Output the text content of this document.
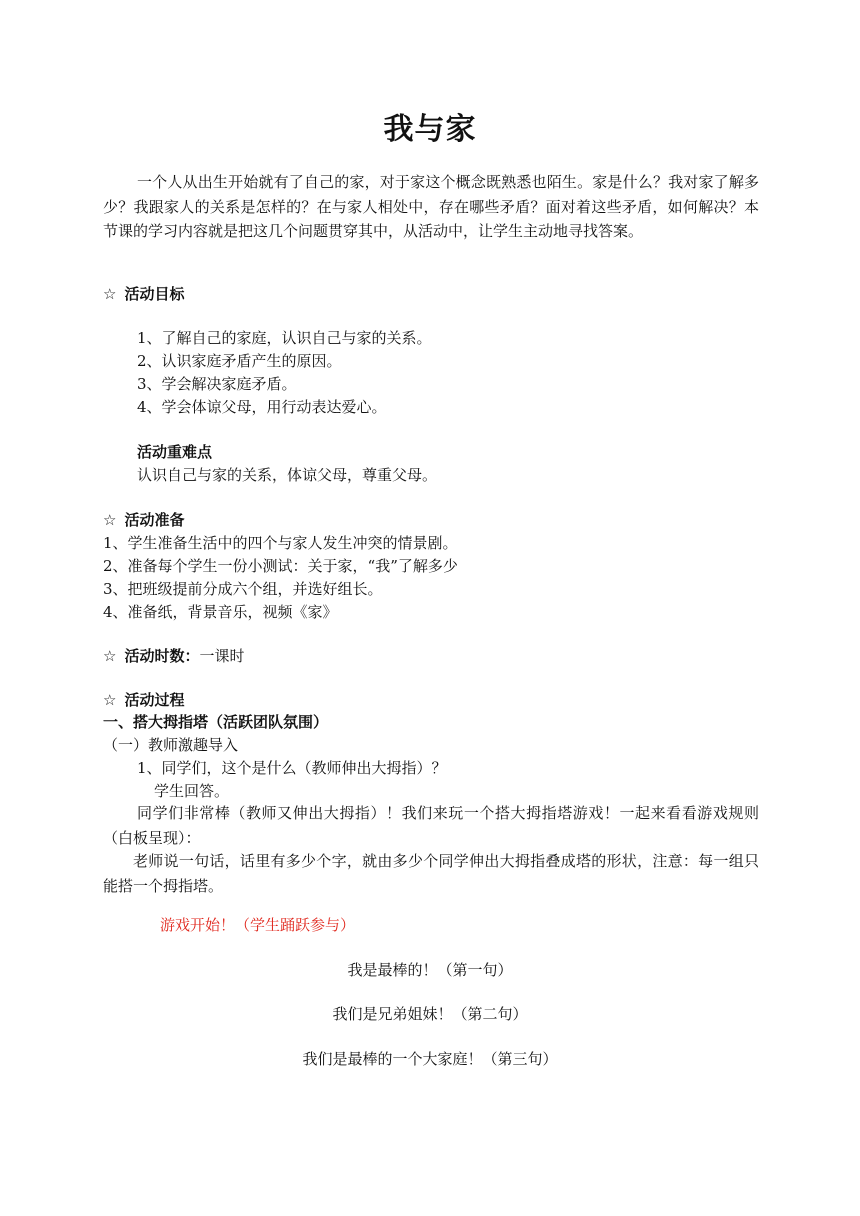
我与家
一个人从出生开始就有了自己的家，对于家这个概念既熟悉也陌生。家是什么？我对家了解多少？我跟家人的关系是怎样的？在与家人相处中，存在哪些矛盾？面对着这些矛盾，如何解决？本节课的学习内容就是把这几个问题贯穿其中，从活动中，让学生主动地寻找答案。
☆ 活动目标
1、了解自己的家庭，认识自己与家的关系。
2、认识家庭矛盾产生的原因。
3、学会解决家庭矛盾。
4、学会体谅父母，用行动表达爱心。
活动重难点
认识自己与家的关系，体谅父母，尊重父母。
☆ 活动准备
1、学生准备生活中的四个与家人发生冲突的情景剧。
2、准备每个学生一份小测试：关于家，“我”了解多少
3、把班级提前分成六个组，并选好组长。
4、准备纸，背景音乐，视频《家》
☆ 活动时数：一课时
☆ 活动过程
一、搭大拇指塔（活跃团队氛围）
（一）教师激趣导入
1、同学们，这个是什么（教师伸出大拇指）？
学生回答。
同学们非常棒（教师又伸出大拇指）！我们来玩一个搭大拇指塔游戏！一起来看看游戏规则（白板呈现）：
老师说一句话，话里有多少个字，就由多少个同学伸出大拇指叠成塔的形状，注意：每一组只能搭一个拇指塔。
游戏开始！（学生踊跃参与）
我是最棒的！（第一句）
我们是兄弟姐妹！（第二句）
我们是最棒的一个大家庭！（第三句）
